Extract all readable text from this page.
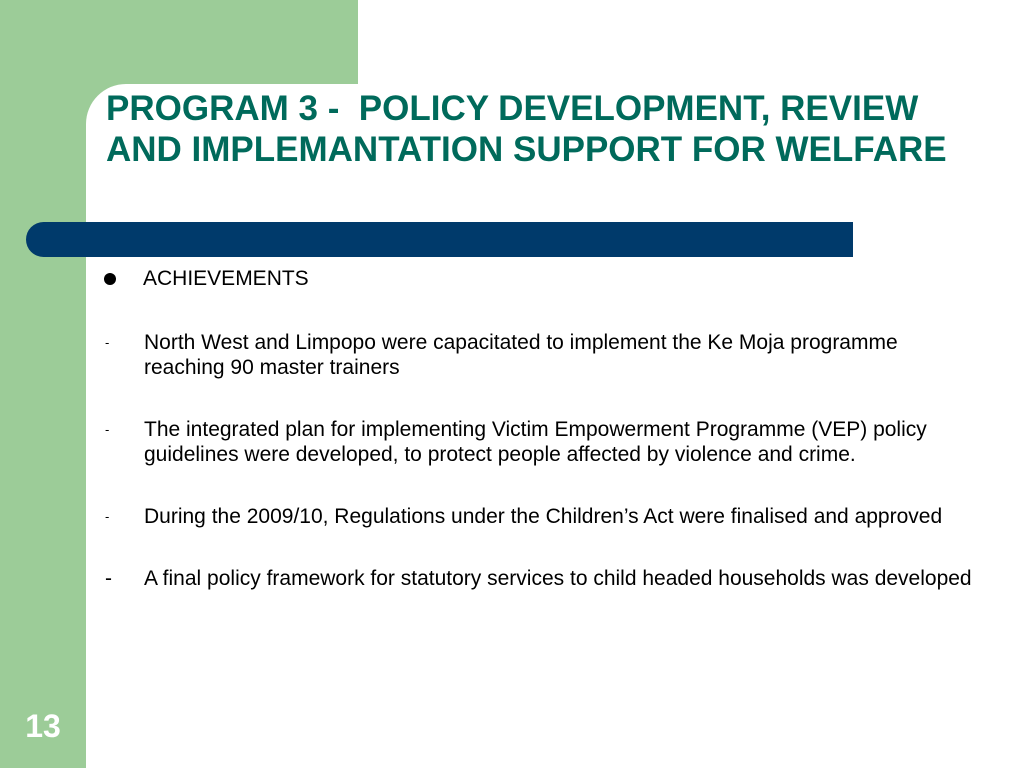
PROGRAM 3 -  POLICY DEVELOPMENT, REVIEW AND IMPLEMANTATION SUPPORT FOR WELFARE
ACHIEVEMENTS
-	North West and Limpopo were capacitated to implement the Ke Moja programme reaching 90 master trainers
-	The integrated plan for implementing Victim Empowerment Programme (VEP) policy guidelines were developed, to protect people affected by violence and crime.
-	During the 2009/10, Regulations under the Children’s Act were finalised and approved
-	A final policy framework for statutory services to child headed households was developed
13
